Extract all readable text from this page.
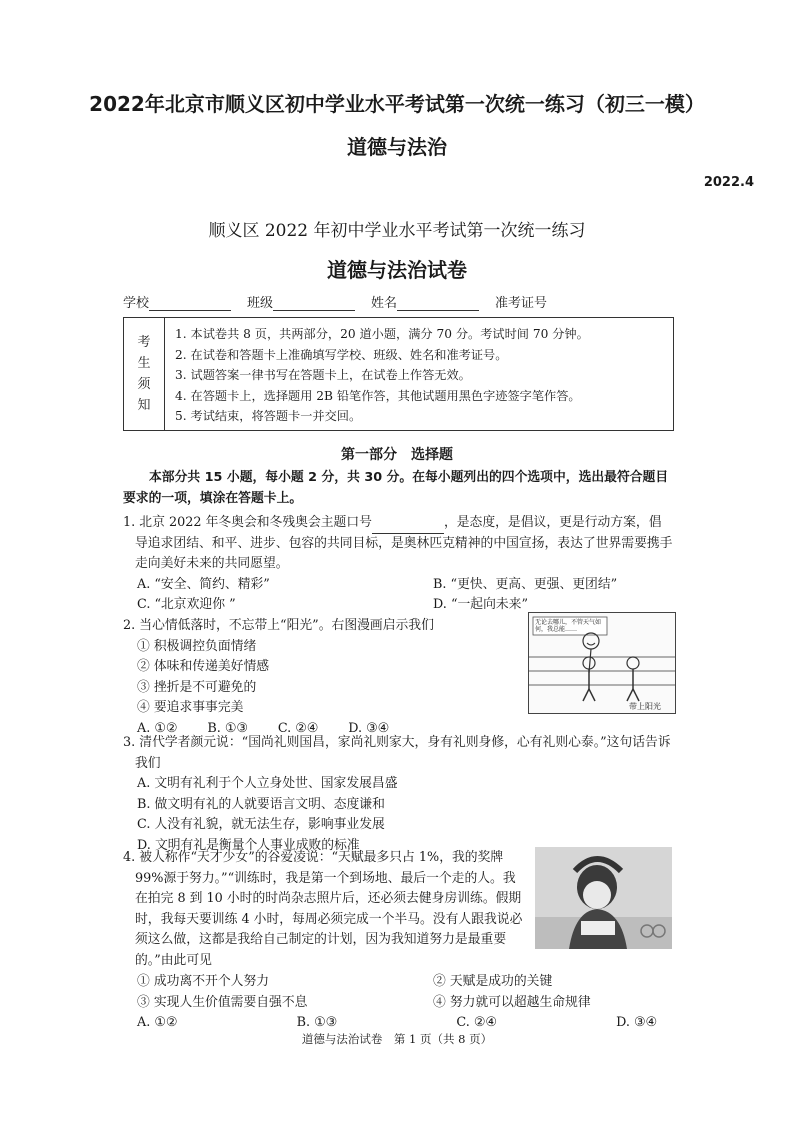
2022年北京市顺义区初中学业水平考试第一次统一练习（初三一模）
道德与法治
2022.4
顺义区 2022 年初中学业水平考试第一次统一练习
道德与法治试卷
学校	班级	姓名	准考证号
考
生
须
知
1. 本试卷共 8 页，共两部分，20 道小题，满分 70 分。考试时间 70 分钟。
2. 在试卷和答题卡上准确填写学校、班级、姓名和准考证号。
3. 试题答案一律书写在答题卡上，在试卷上作答无效。
4. 在答题卡上，选择题用 2B 铅笔作答，其他试题用黑色字迹签字笔作答。
5. 考试结束，将答题卡一并交回。
第一部分　选择题
本部分共 15 小题，每小题 2 分，共 30 分。在每小题列出的四个选项中，选出最符合题目要求的一项，填涂在答题卡上。
1. 北京 2022 年冬奥会和冬残奥会主题口号	，是态度，是倡议，更是行动方案，倡导追求团结、和平、进步、包容的共同目标，是奥林匹克精神的中国宣扬，表达了世界需要携手走向美好未来的共同愿望。
A. “安全、简约、精彩”	B. “更快、更高、更强、更团结”
C. “北京欢迎你 ”	D. “一起向未来”
2. 当心情低落时，不忘带上“阳光”。右图漫画启示我们
① 积极调控负面情绪
② 体味和传递美好情感
③ 挫折是不可避免的
④ 要追求事事完美
A. ①② B. ①③ C. ②④ D. ③④
无论去哪儿，不管天气如何，我总能……
带上阳光
3. 清代学者颜元说：“国尚礼则国昌，家尚礼则家大，身有礼则身修，心有礼则心泰。”这句话告诉我们
A. 文明有礼利于个人立身处世、国家发展昌盛
B. 做文明有礼的人就要语言文明、态度谦和
C. 人没有礼貌，就无法生存，影响事业发展
D. 文明有礼是衡量个人事业成败的标准
4. 被人称作“天才少女”的谷爱凌说：“天赋最多只占 1%，我的奖牌 99%源于努力。”“训练时，我是第一个到场地、最后一个走的人。我在拍完 8 到 10 小时的时尚杂志照片后，还必须去健身房训练。假期时，我每天要训练 4 小时，每周必须完成一个半马。没有人跟我说必须这么做，这都是我给自己制定的计划，因为我知道努力是最重要的。”由此可见
① 成功离不开个人努力	② 天赋是成功的关键
③ 实现人生价值需要自强不息	④ 努力就可以超越生命规律
A. ①②	B. ①③	C. ②④	D. ③④
道德与法治试卷　第 1 页（共 8 页）
